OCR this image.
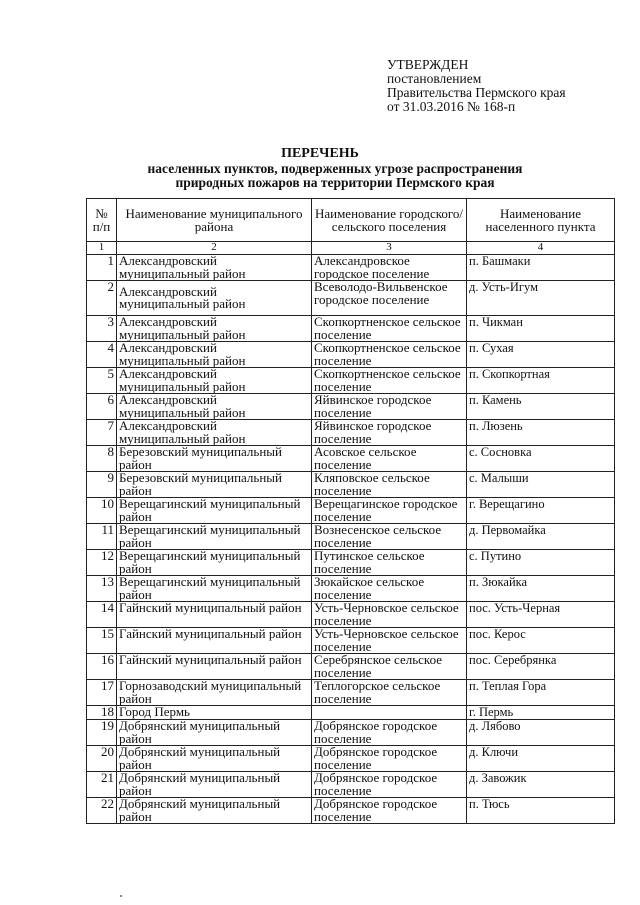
УТВЕРЖДЕН
постановлением
Правительства Пермского края
от 31.03.2016 № 168-п
ПЕРЕЧЕНЬ
населенных пунктов, подверженных угрозе распространения
природных пожаров на территории Пермского края
№ п/п	Наименование муниципального района	Наименование городского/сельского поселения	Наименование населенного пункта
1	2	3	4
1	Александровский муниципальный район	Александровское городское поселение	п. Башмаки
2	Александровский муниципальный район	Всеволодо-Вильвенское городское поселение	д. Усть-Игум
3	Александровский муниципальный район	Скопкортненское сельское поселение	п. Чикман
4	Александровский муниципальный район	Скопкортненское сельское поселение	п. Сухая
5	Александровский муниципальный район	Скопкортненское сельское поселение	п. Скопкортная
6	Александровский муниципальный район	Яйвинское городское поселение	п. Камень
7	Александровский муниципальный район	Яйвинское городское поселение	п. Люзень
8	Березовский муниципальный район	Асовское сельское поселение	с. Сосновка
9	Березовский муниципальный район	Кляповское сельское поселение	с. Малыши
10	Верещагинский муниципальный район	Верещагинское городское поселение	г. Верещагино
11	Верещагинский муниципальный район	Вознесенское сельское поселение	д. Первомайка
12	Верещагинский муниципальный район	Путинское сельское поселение	с. Путино
13	Верещагинский муниципальный район	Зюкайское сельское поселение	п. Зюкайка
14	Гайнский муниципальный район	Усть-Черновское сельское поселение	пос. Усть-Черная
15	Гайнский муниципальный район	Усть-Черновское сельское поселение	пос. Керос
16	Гайнский муниципальный район	Серебрянское сельское поселение	пос. Серебрянка
17	Горнозаводский муниципальный район	Теплогорское сельское поселение	п. Теплая Гора
18	Город Пермь		г. Пермь
19	Добрянский муниципальный район	Добрянское городское поселение	д. Лябово
20	Добрянский муниципальный район	Добрянское городское поселение	д. Ключи
21	Добрянский муниципальный район	Добрянское городское поселение	д. Завожик
22	Добрянский муниципальный район	Добрянское городское поселение	п. Тюсь
